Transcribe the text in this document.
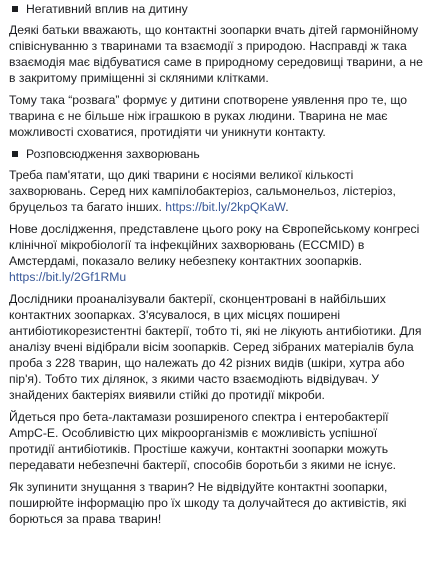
Негативний вплив на дитину
Деякі батьки вважають, що контактні зоопарки вчать дітей гармонійному
співіснуванню з тваринами та взаємодії з природою. Насправді ж така
взаємодія має відбуватися саме в природному середовищі тварини, а не
в закритому приміщенні зі скляними клітками.
Тому така “розвага” формує у дитини спотворене уявлення про те, що
тварина є не більше ніж іграшкою в руках людини. Тварина не має
можливості сховатися, протидіяти чи уникнути контакту.
Розповсюдження захворювань
Треба пам'ятати, що дикі тварини є носіями великої кількості
захворювань. Серед них кампілобактеріоз, сальмонельоз, лістеріоз,
бруцельоз та багато інших. https://bit.ly/2kpQKaW.
Нове дослідження, представлене цього року на Європейському конгресі
клінічної мікробіології та інфекційних захворювань (ECCMID) в
Амстердамі, показало велику небезпеку контактних зоопарків.
https://bit.ly/2Gf1RMu
Дослідники проаналізували бактерії, сконцентровані в найбільших
контактних зоопарках. З'ясувалося, в цих місцях поширені
антибіотикорезистентні бактерії, тобто ті, які не лікують антибіотики. Для
аналізу вчені відібрали вісім зоопарків. Серед зібраних матеріалів була
проба з 228 тварин, що належать до 42 різних видів (шкіри, хутра або
пір'я). Тобто тих ділянок, з якими часто взаємодіють відвідувач. У
знайдених бактеріях виявили стійкі до протидії мікроби.
Йдеться про бета-лактамази розширеного спектра і ентеробактерії
AmpC-E. Особливістю цих мікроорганізмів є можливість успішної
протидії антибіотиків. Простіше кажучи, контактні зоопарки можуть
передавати небезпечні бактерії, способів боротьби з якими не існує.
Як зупинити знущання з тварин? Не відвідуйте контактні зоопарки,
поширюйте інформацію про їх шкоду та долучайтеся до активістів, які
борються за права тварин!
